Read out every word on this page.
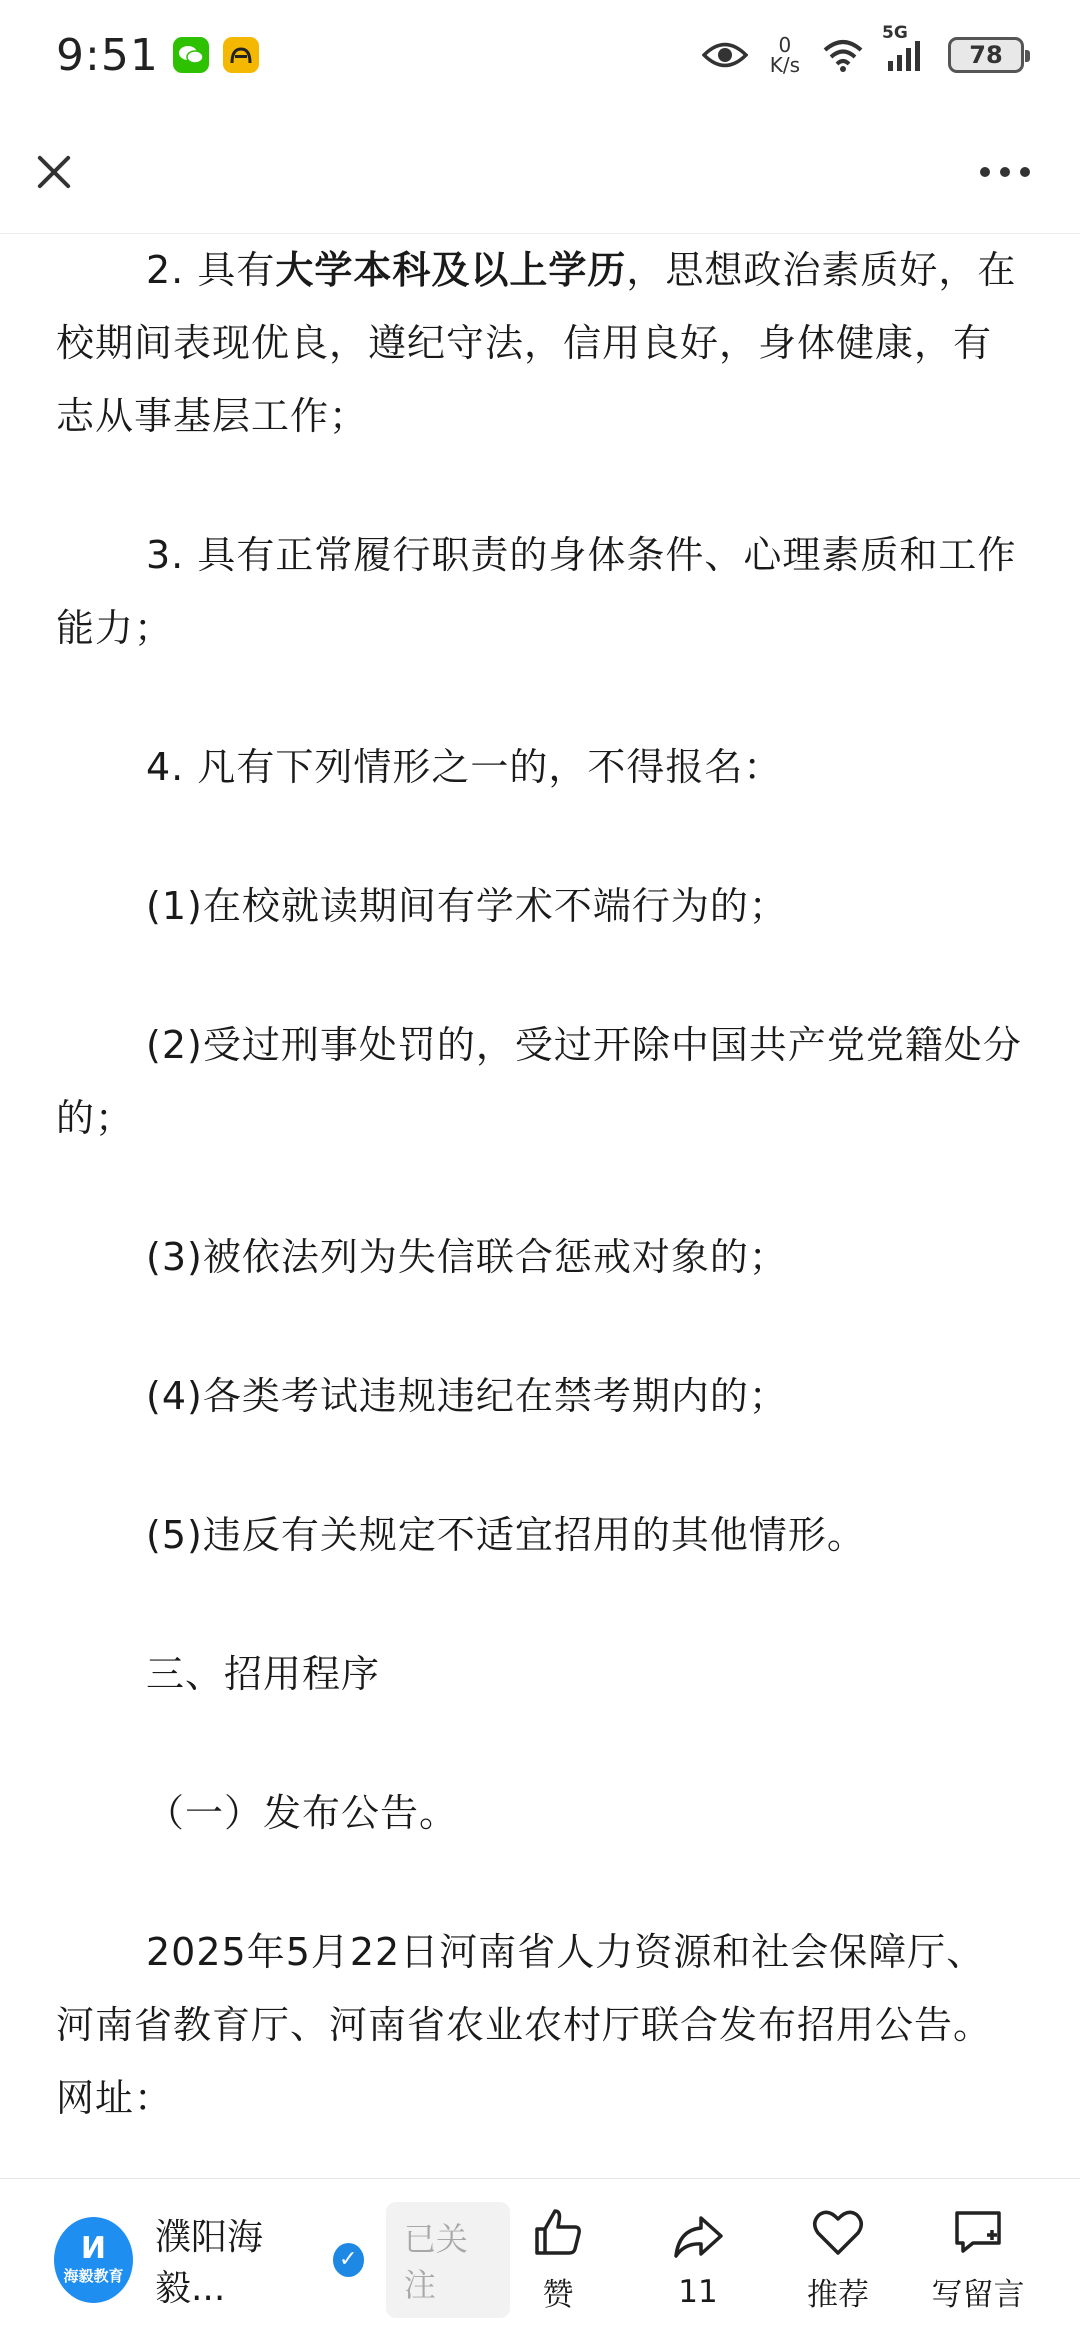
9:51	0
K/s
5G
78

2. 具有大学本科及以上学历，思想政治素质好，在校期间表现优良，遵纪守法，信用良好，身体健康，有志从事基层工作；

3. 具有正常履行职责的身体条件、心理素质和工作能力；

4. 凡有下列情形之一的，不得报名：

(1)在校就读期间有学术不端行为的；

(2)受过刑事处罚的，受过开除中国共产党党籍处分的；

(3)被依法列为失信联合惩戒对象的；

(4)各类考试违规违纪在禁考期内的；

(5)违反有关规定不适宜招用的其他情形。

三、招用程序

（一）发布公告。

2025年5月22日河南省人力资源和社会保障厅、河南省教育厅、河南省农业农村厅联合发布招用公告。网址：

ⵍ
海毅教育
濮阳海毅...
✓
已关注	赞	11	推荐 写留言
